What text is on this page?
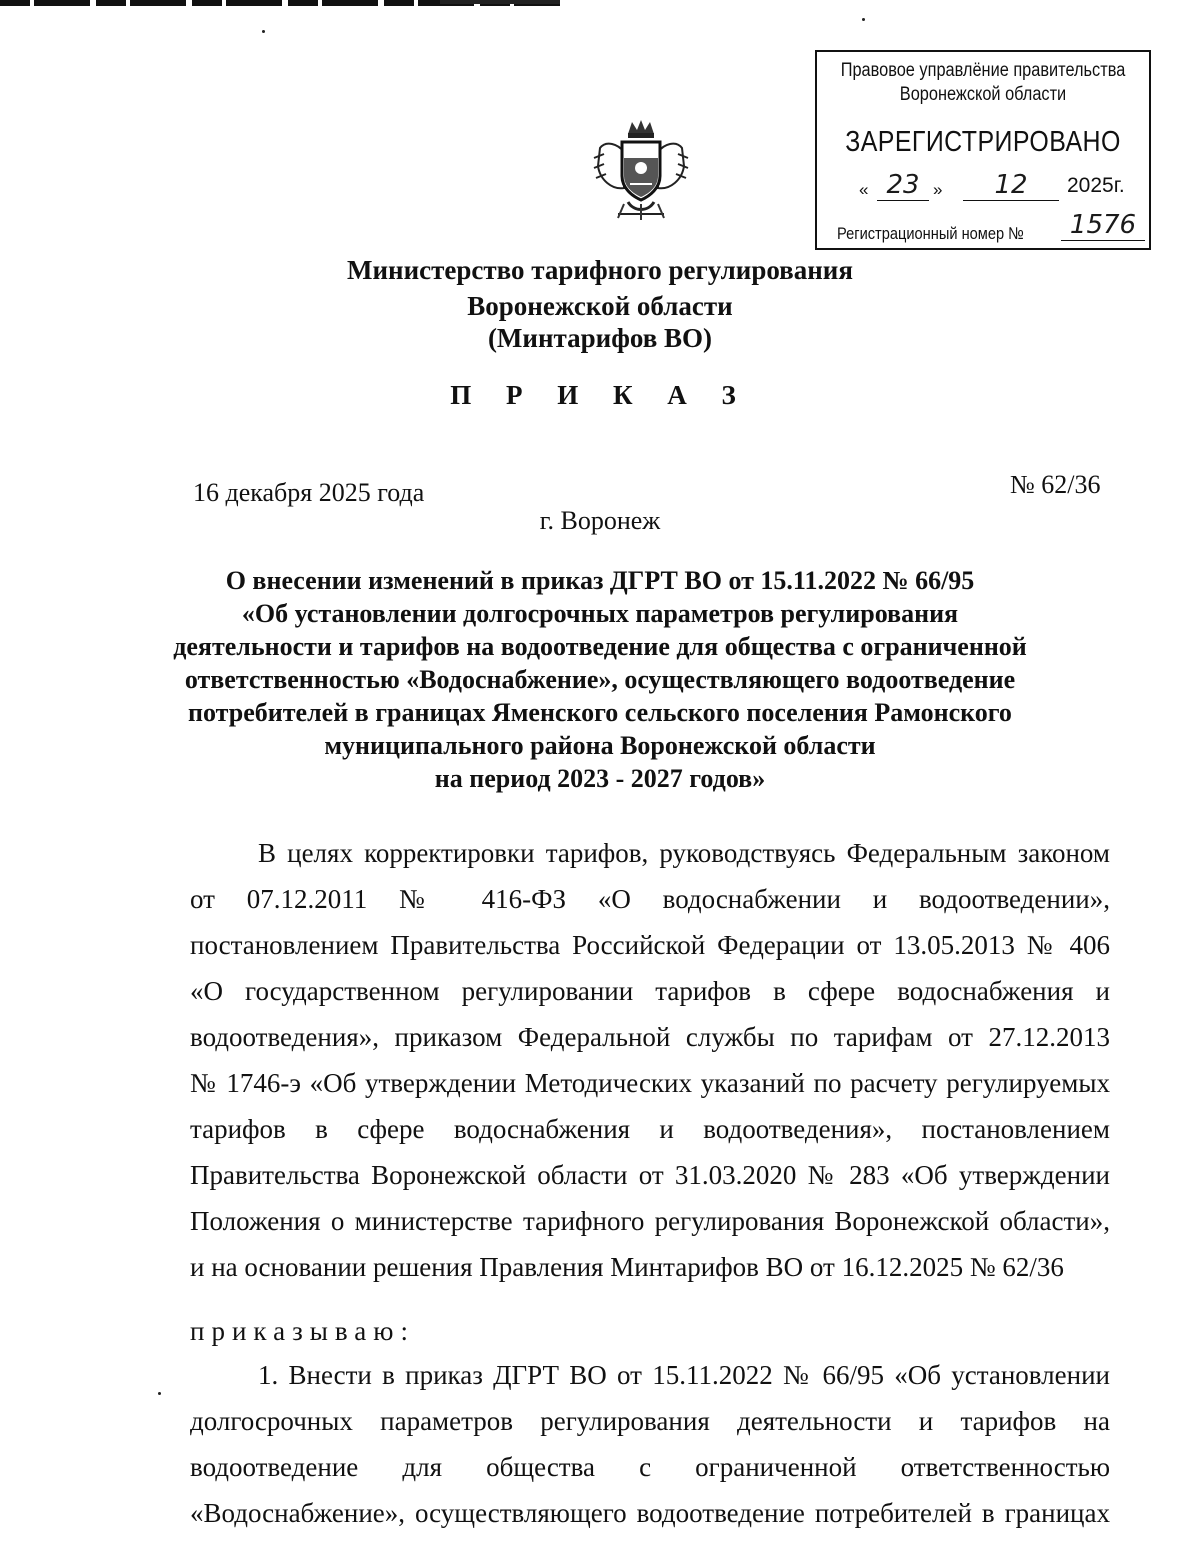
Правовое управлёние правительства
Воронежской области
ЗАРЕГИСТРИРОВАНО
« 23 »	12	2025г.
Регистрационный номер №	1576
Министерство тарифного регулирования
Воронежской области
(Минтарифов ВО)
П Р И К А З
16 декабря 2025 года	№ 62/36
г. Воронеж
О внесении изменений в приказ ДГРТ ВО от 15.11.2022 № 66/95
«Об установлении долгосрочных параметров регулирования
деятельности и тарифов на водоотведение для общества с ограниченной
ответственностью «Водоснабжение», осуществляющего водоотведение
потребителей в границах Яменского сельского поселения Рамонского
муниципального района Воронежской области
на период 2023 - 2027 годов»
В целях корректировки тарифов, руководствуясь Федеральным законом
от 07.12.2011 № 416-ФЗ «О водоснабжении и водоотведении»,
постановлением Правительства Российской Федерации от 13.05.2013 № 406
«О государственном регулировании тарифов в сфере водоснабжения и
водоотведения», приказом Федеральной службы по тарифам от 27.12.2013
№ 1746-э «Об утверждении Методических указаний по расчету регулируемых
тарифов в сфере водоснабжения и водоотведения», постановлением
Правительства Воронежской области от 31.03.2020 № 283 «Об утверждении
Положения о министерстве тарифного регулирования Воронежской области»,
и на основании решения Правления Минтарифов ВО от 16.12.2025 № 62/36
приказываю:
1. Внести в приказ ДГРТ ВО от 15.11.2022 № 66/95 «Об установлении
долгосрочных параметров регулирования деятельности и тарифов на
водоотведение для общества с ограниченной ответственностью
«Водоснабжение», осуществляющего водоотведение потребителей в границах
